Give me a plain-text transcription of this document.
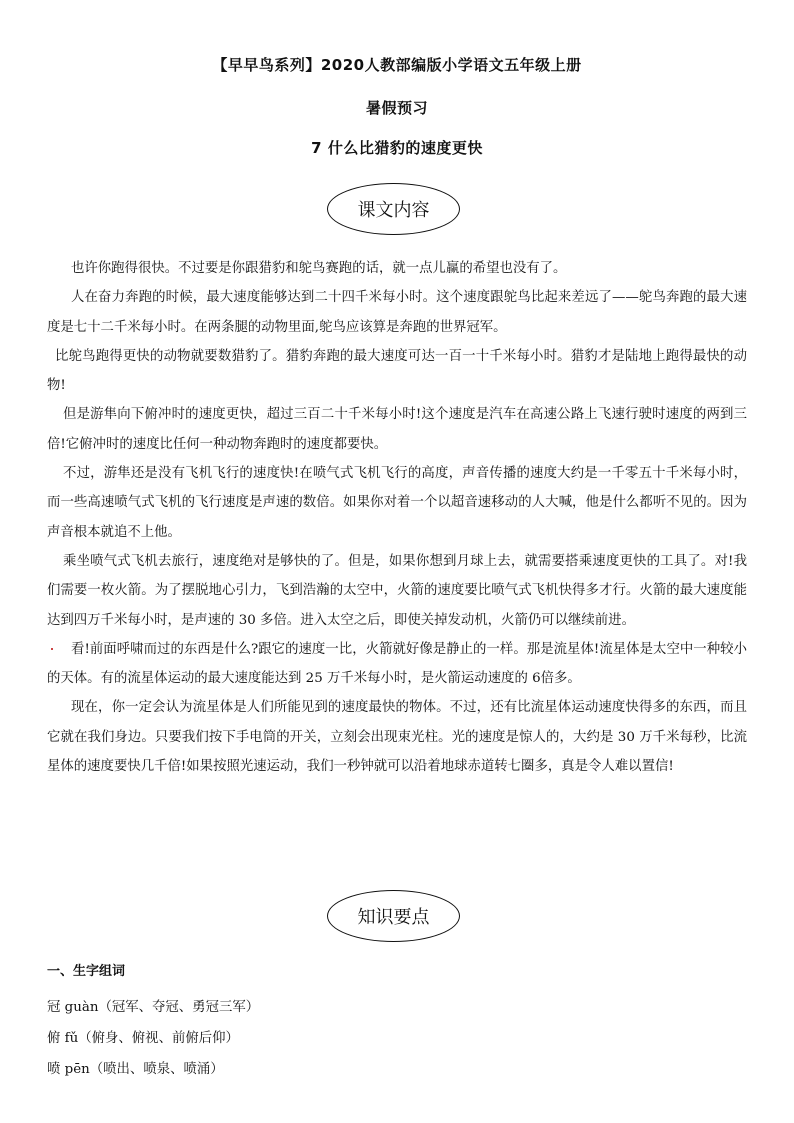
【早早鸟系列】2020人教部编版小学语文五年级上册
暑假预习
7 什么比猎豹的速度更快
课文内容

也许你跑得很快。不过要是你跟猎豹和鸵鸟赛跑的话，就一点儿赢的希望也没有了。

人在奋力奔跑的时候，最大速度能够达到二十四千米每小时。这个速度跟鸵鸟比起来差远了——鸵鸟奔跑的最大速度是七十二千米每小时。在两条腿的动物里面,鸵鸟应该算是奔跑的世界冠军。

比鸵鸟跑得更快的动物就要数猎豹了。猎豹奔跑的最大速度可达一百一十千米每小时。猎豹才是陆地上跑得最快的动物!

但是游隼向下俯冲时的速度更快，超过三百二十千米每小时!这个速度是汽车在高速公路上飞速行驶时速度的两到三倍!它俯冲时的速度比任何一种动物奔跑时的速度都要快。

不过，游隼还是没有飞机飞行的速度快!在喷气式飞机飞行的高度，声音传播的速度大约是一千零五十千米每小时， 而一些高速喷气式飞机的飞行速度是声速的数倍。如果你对着一个以超音速移动的人大喊，他是什么都听不见的。因为声音根本就追不上他。

乘坐喷气式飞机去旅行，速度绝对是够快的了。但是，如果你想到月球上去，就需要搭乘速度更快的工具了。对!我们需要一枚火箭。为了摆脱地心引力，飞到浩瀚的太空中，火箭的速度要比喷气式飞机快得多才行。火箭的最大速度能达到四万千米每小时，是声速的 30 多倍。进入太空之后，即使关掉发动机，火箭仍可以继续前进。

看!前面呼啸而过的东西是什么?跟它的速度一比，火箭就好像是静止的一样。那是流星体!流星体是太空中一种较小的天体。有的流星体运动的最大速度能达到 25 万千米每小时，是火箭运动速度的 6倍多。

现在，你一定会认为流星体是人们所能见到的速度最快的物体。不过，还有比流星体运动速度快得多的东西，而且它就在我们身边。只要我们按下手电筒的开关，立刻会出现束光柱。光的速度是惊人的，大约是 30 万千米每秒，比流星体的速度要快几千倍!如果按照光速运动，我们一秒钟就可以沿着地球赤道转七圈多，真是令人难以置信!

知识要点
一、生字组词
冠 guàn（冠军、夺冠、勇冠三军）
俯 fǔ（俯身、俯视、前俯后仰）
喷 pēn（喷出、喷泉、喷涌）
